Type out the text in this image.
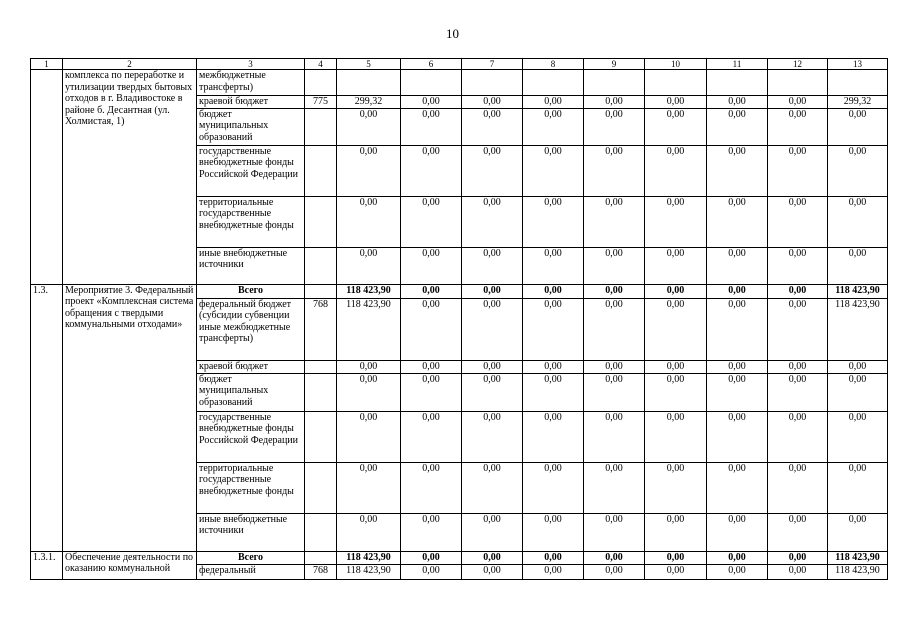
10
1	2	3	4	5	6	7	8	9	10	11	12	13
	комплекса по переработке и утилизации твердых бытовых отходов в г. Владивостоке в районе б. Десантная (ул. Холмистая, 1)	межбюджетные трансферты)										
		краевой бюджет	775	299,32	0,00	0,00	0,00	0,00	0,00	0,00	0,00	299,32
		бюджет муниципальных образований		0,00	0,00	0,00	0,00	0,00	0,00	0,00	0,00	0,00
		государственные внебюджетные фонды Российской Федерации		0,00	0,00	0,00	0,00	0,00	0,00	0,00	0,00	0,00
		территориальные государственные внебюджетные фонды		0,00	0,00	0,00	0,00	0,00	0,00	0,00	0,00	0,00
		иные внебюджетные источники		0,00	0,00	0,00	0,00	0,00	0,00	0,00	0,00	0,00
1.3.	Мероприятие 3. Федеральный проект «Комплексная система обращения с твердыми коммунальными отходами»	Всего		118 423,90	0,00	0,00	0,00	0,00	0,00	0,00	0,00	118 423,90
		федеральный бюджет (субсидии субвенции иные межбюджетные трансферты)	768	118 423,90	0,00	0,00	0,00	0,00	0,00	0,00	0,00	118 423,90
		краевой бюджет		0,00	0,00	0,00	0,00	0,00	0,00	0,00	0,00	0,00
		бюджет муниципальных образований		0,00	0,00	0,00	0,00	0,00	0,00	0,00	0,00	0,00
		государственные внебюджетные фонды Российской Федерации		0,00	0,00	0,00	0,00	0,00	0,00	0,00	0,00	0,00
		территориальные государственные внебюджетные фонды		0,00	0,00	0,00	0,00	0,00	0,00	0,00	0,00	0,00
		иные внебюджетные источники		0,00	0,00	0,00	0,00	0,00	0,00	0,00	0,00	0,00
1.3.1.	Обеспечение деятельности по оказанию коммунальной	Всего		118 423,90	0,00	0,00	0,00	0,00	0,00	0,00	0,00	118 423,90
		федеральный	768	118 423,90	0,00	0,00	0,00	0,00	0,00	0,00	0,00	118 423,90
